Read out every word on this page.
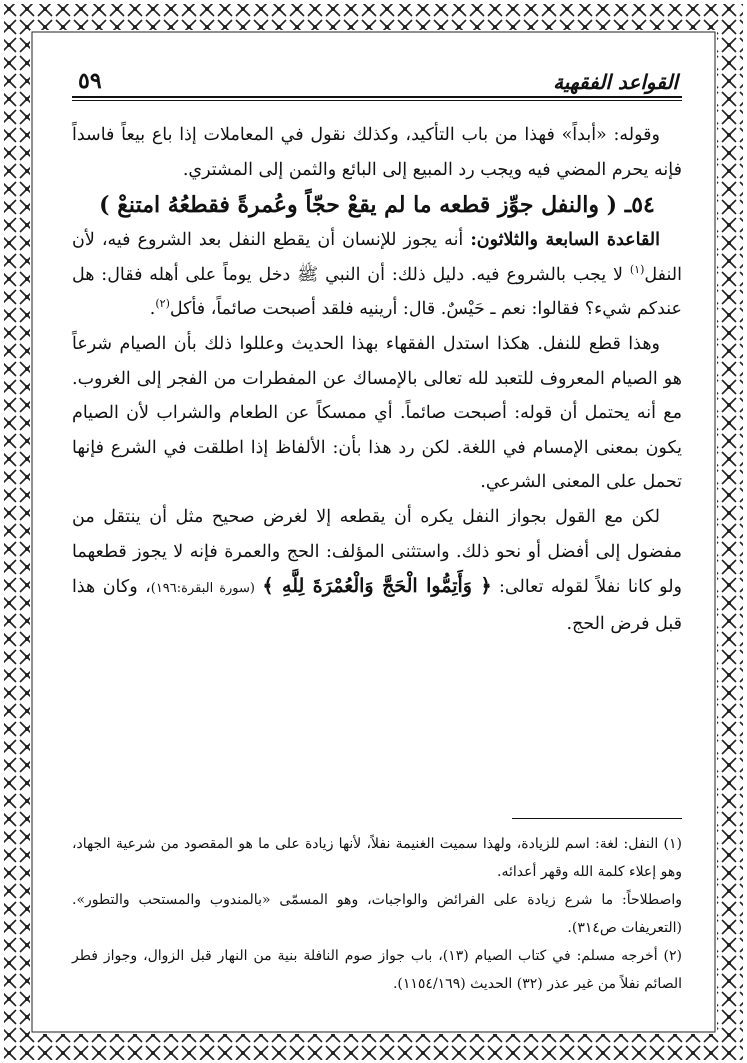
القواعد الفقهية
٥٩

وقوله: «أبداً» فهذا من باب التأكيد، وكذلك نقول في المعاملات إذا باع بيعاً فاسداً فإنه يحرم المضي فيه ويجب رد المبيع إلى البائع والثمن إلى المشتري.

٥٤ـ ( والنفل جوِّز قطعه ما لم يقعْ حجّاً وعُمرةً فقطعُهُ امتنعْ )

القاعدة السابعة والثلاثون: أنه يجوز للإنسان أن يقطع النفل بعد الشروع فيه، لأن النفل$^{(١)}$ لا يجب بالشروع فيه. دليل ذلك: أن النبي ﷺ دخل يوماً على أهله فقال: هل عندكم شيء؟ فقالوا: نعم ـ حَيْسٌ. قال: أرينيه فلقد أصبحت صائماً، فأكل$^{(٢)}$.

وهذا قطع للنفل. هكذا استدل الفقهاء بهذا الحديث وعللوا ذلك بأن الصيام شرعاً هو الصيام المعروف للتعبد لله تعالى بالإمساك عن المفطرات من الفجر إلى الغروب. مع أنه يحتمل أن قوله: أصبحت صائماً. أي ممسكاً عن الطعام والشراب لأن الصيام يكون بمعنى الإمسام في اللغة. لكن رد هذا بأن: الألفاظ إذا اطلقت في الشرع فإنها تحمل على المعنى الشرعي.

لكن مع القول بجواز النفل يكره أن يقطعه إلا لغرض صحيح مثل أن ينتقل من مفضول إلى أفضل أو نحو ذلك. واستثنى المؤلف: الحج والعمرة فإنه لا يجوز قطعهما ولو كانا نفلاً لقوله تعالى: ﴿ وَأَتِمُّوا الْحَجَّ وَالْعُمْرَةَ لِلَّهِ ﴾ (سورة البقرة:١٩٦)، وكان هذا قبل فرض الحج.

(١) النفل: لغة: اسم للزيادة، ولهذا سميت الغنيمة نفلاً، لأنها زيادة على ما هو المقصود من شرعية الجهاد، وهو إعلاء كلمة الله وقهر أعدائه.

واصطلاحاً: ما شرع زيادة على الفرائض والواجبات، وهو المسمّى «بالمندوب والمستحب والتطور». (التعريفات ص٣١٤).

(٢) أخرجه مسلم: في كتاب الصيام (١٣)، باب جواز صوم النافلة بنية من النهار قبل الزوال، وجواز فطر الصائم نفلاً من غير عذر (٣٢) الحديث (١١٥٤/١٦٩).
